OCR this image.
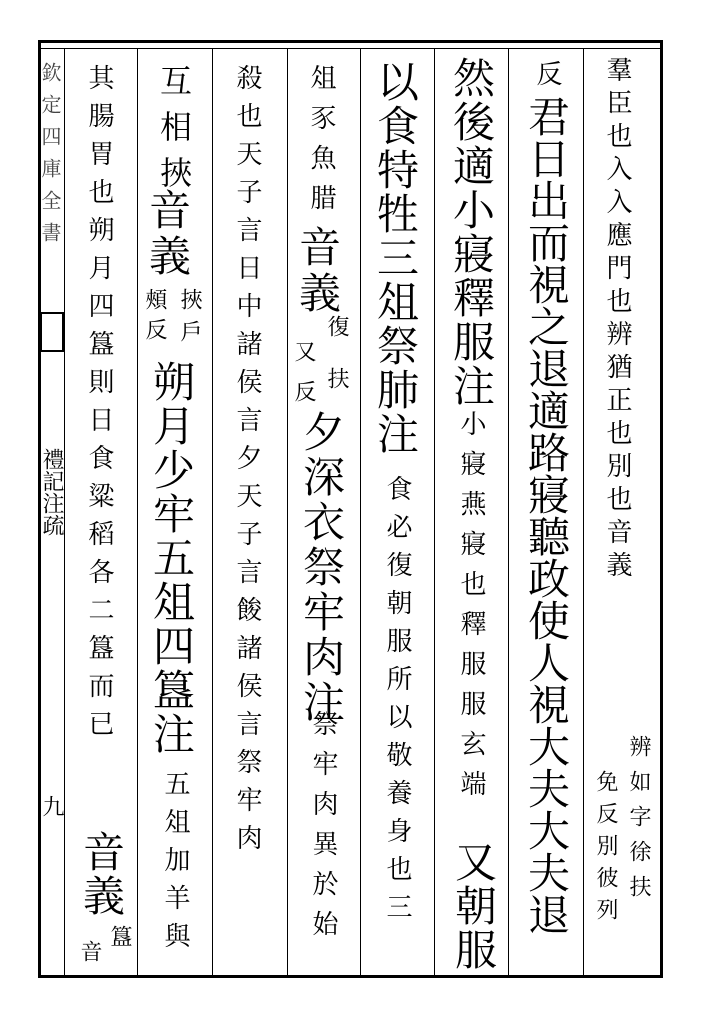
欽定四庫全書
禮記注疏
九
羣臣也入入應門也辨猶正也別也音義
辨如字徐扶
免反別彼列
反
君日出而視之退適路寢聽政使人視大夫大夫退
然後適小寢釋服注
小寢燕寢也釋服服玄端
又朝服
以食特牲三俎祭肺注
食必復朝服所以敬養身也三
俎豕魚腊
音義
復扶
又反
夕深衣祭牢肉注
祭牢肉異於始
殺也天子言日中諸侯言夕天子言餕諸侯言祭牢肉
互相挾
音義
挾戶
頰反
朔月少牢五俎四簋注
五俎加羊與
其腸胃也朔月四簋則日食粱稻各二簋而已
音義
簋
音
